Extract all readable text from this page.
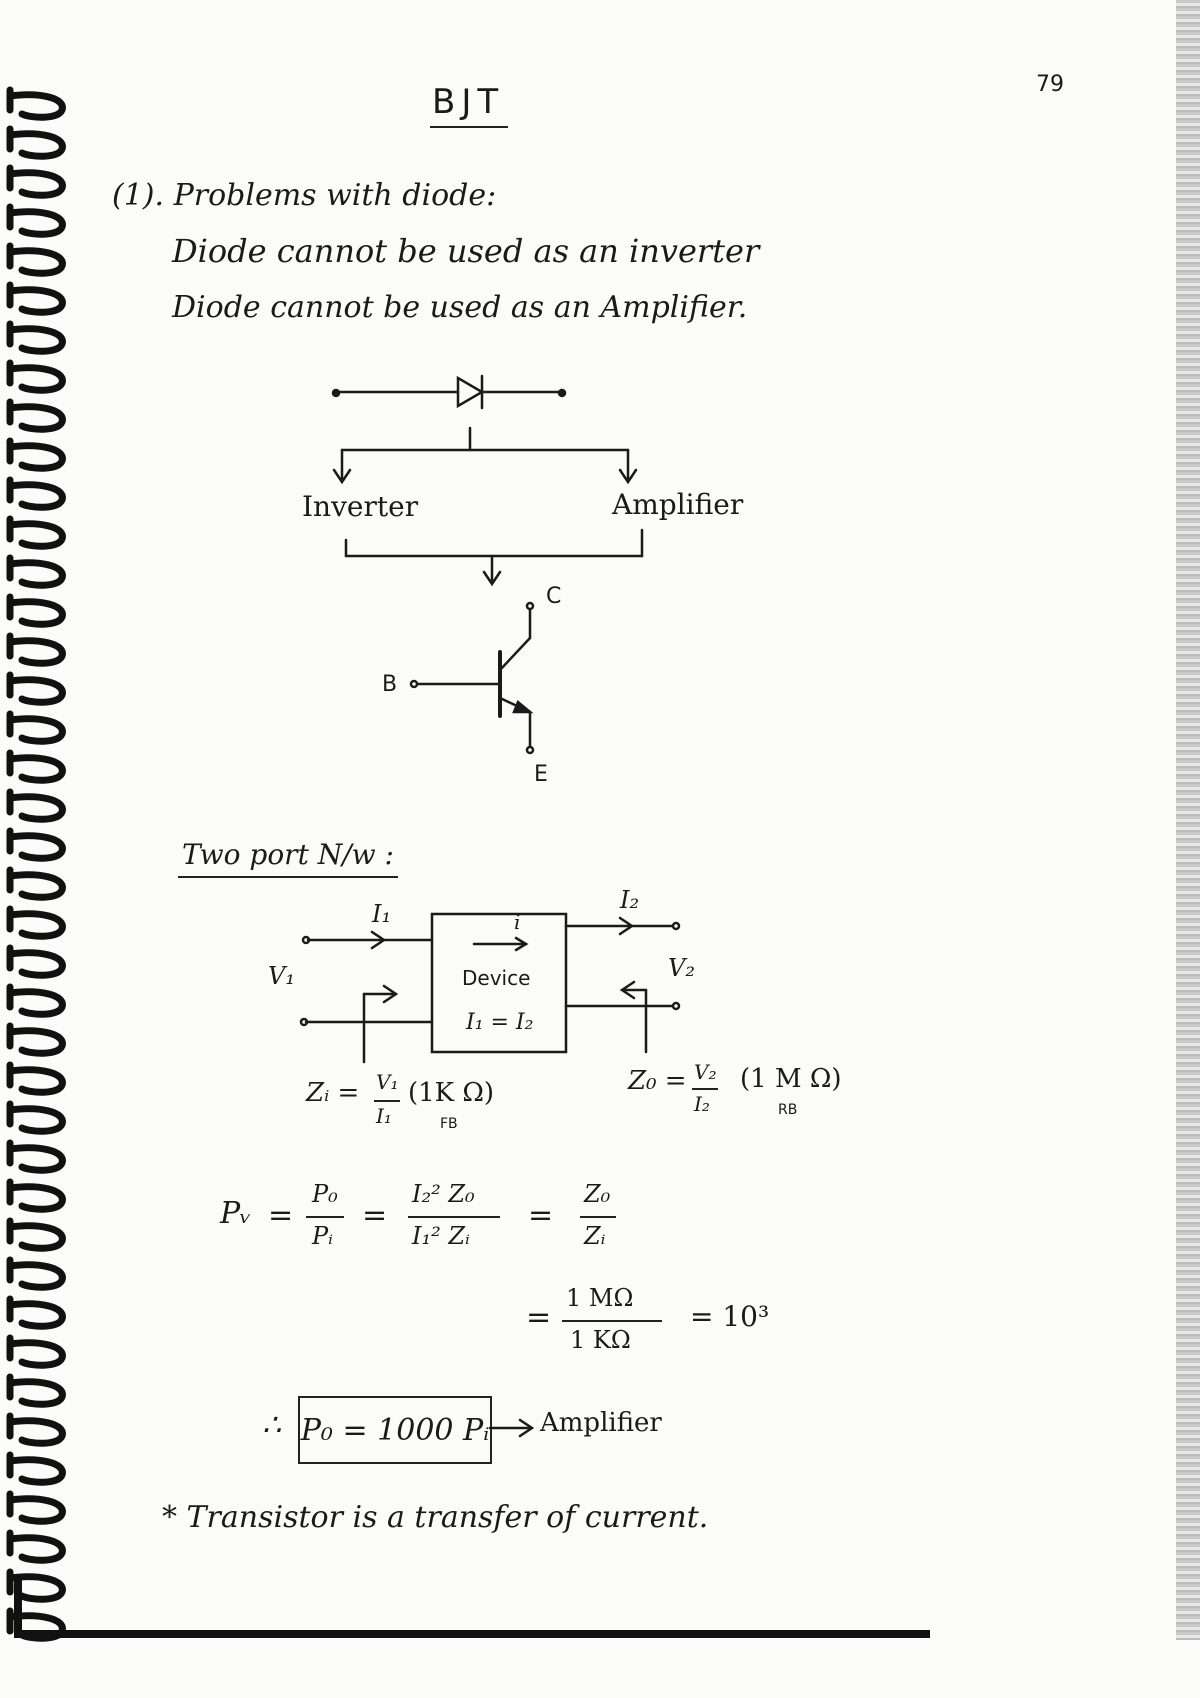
79
BJT
(1). Problems with diode:
Diode cannot be used as an inverter
Diode cannot be used as an Amplifier.
Inverter	Amplifier
C
B
E
Two port N/w :
I₁	I₂
V₁	V₂
i
Device
I₁ = I₂
Zᵢ = V₁
I₁
(1K Ω)
FB
Z₀ = V₂
I₂
(1 M Ω)
RB
Pᵥ =
P₀
Pᵢ
=
I₂² Z₀
I₁² Zᵢ
=
Z₀
Zᵢ
=
1 MΩ
1 KΩ
= 10³
∴ P₀ = 1000 Pᵢ Amplifier
* Transistor is a transfer of current.
